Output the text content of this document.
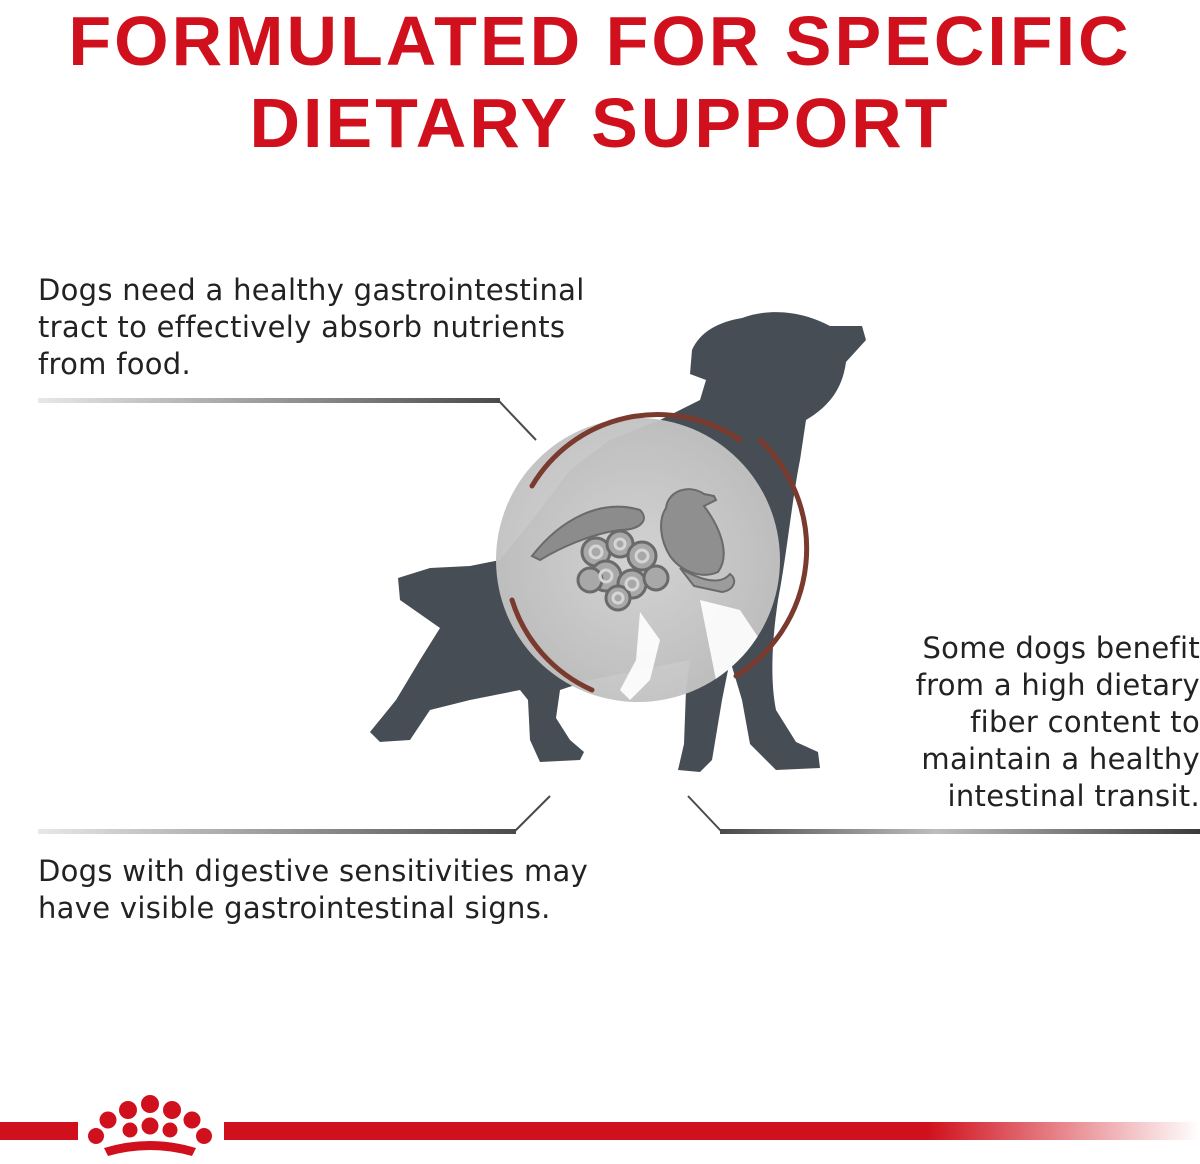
FORMULATED FOR SPECIFIC
DIETARY SUPPORT
Dogs need a healthy gastrointestinal tract to effectively absorb nutrients from food.
Some dogs benefit from a high dietary fiber content to maintain a healthy intestinal transit.
Dogs with digestive sensitivities may have visible gastrointestinal signs.
